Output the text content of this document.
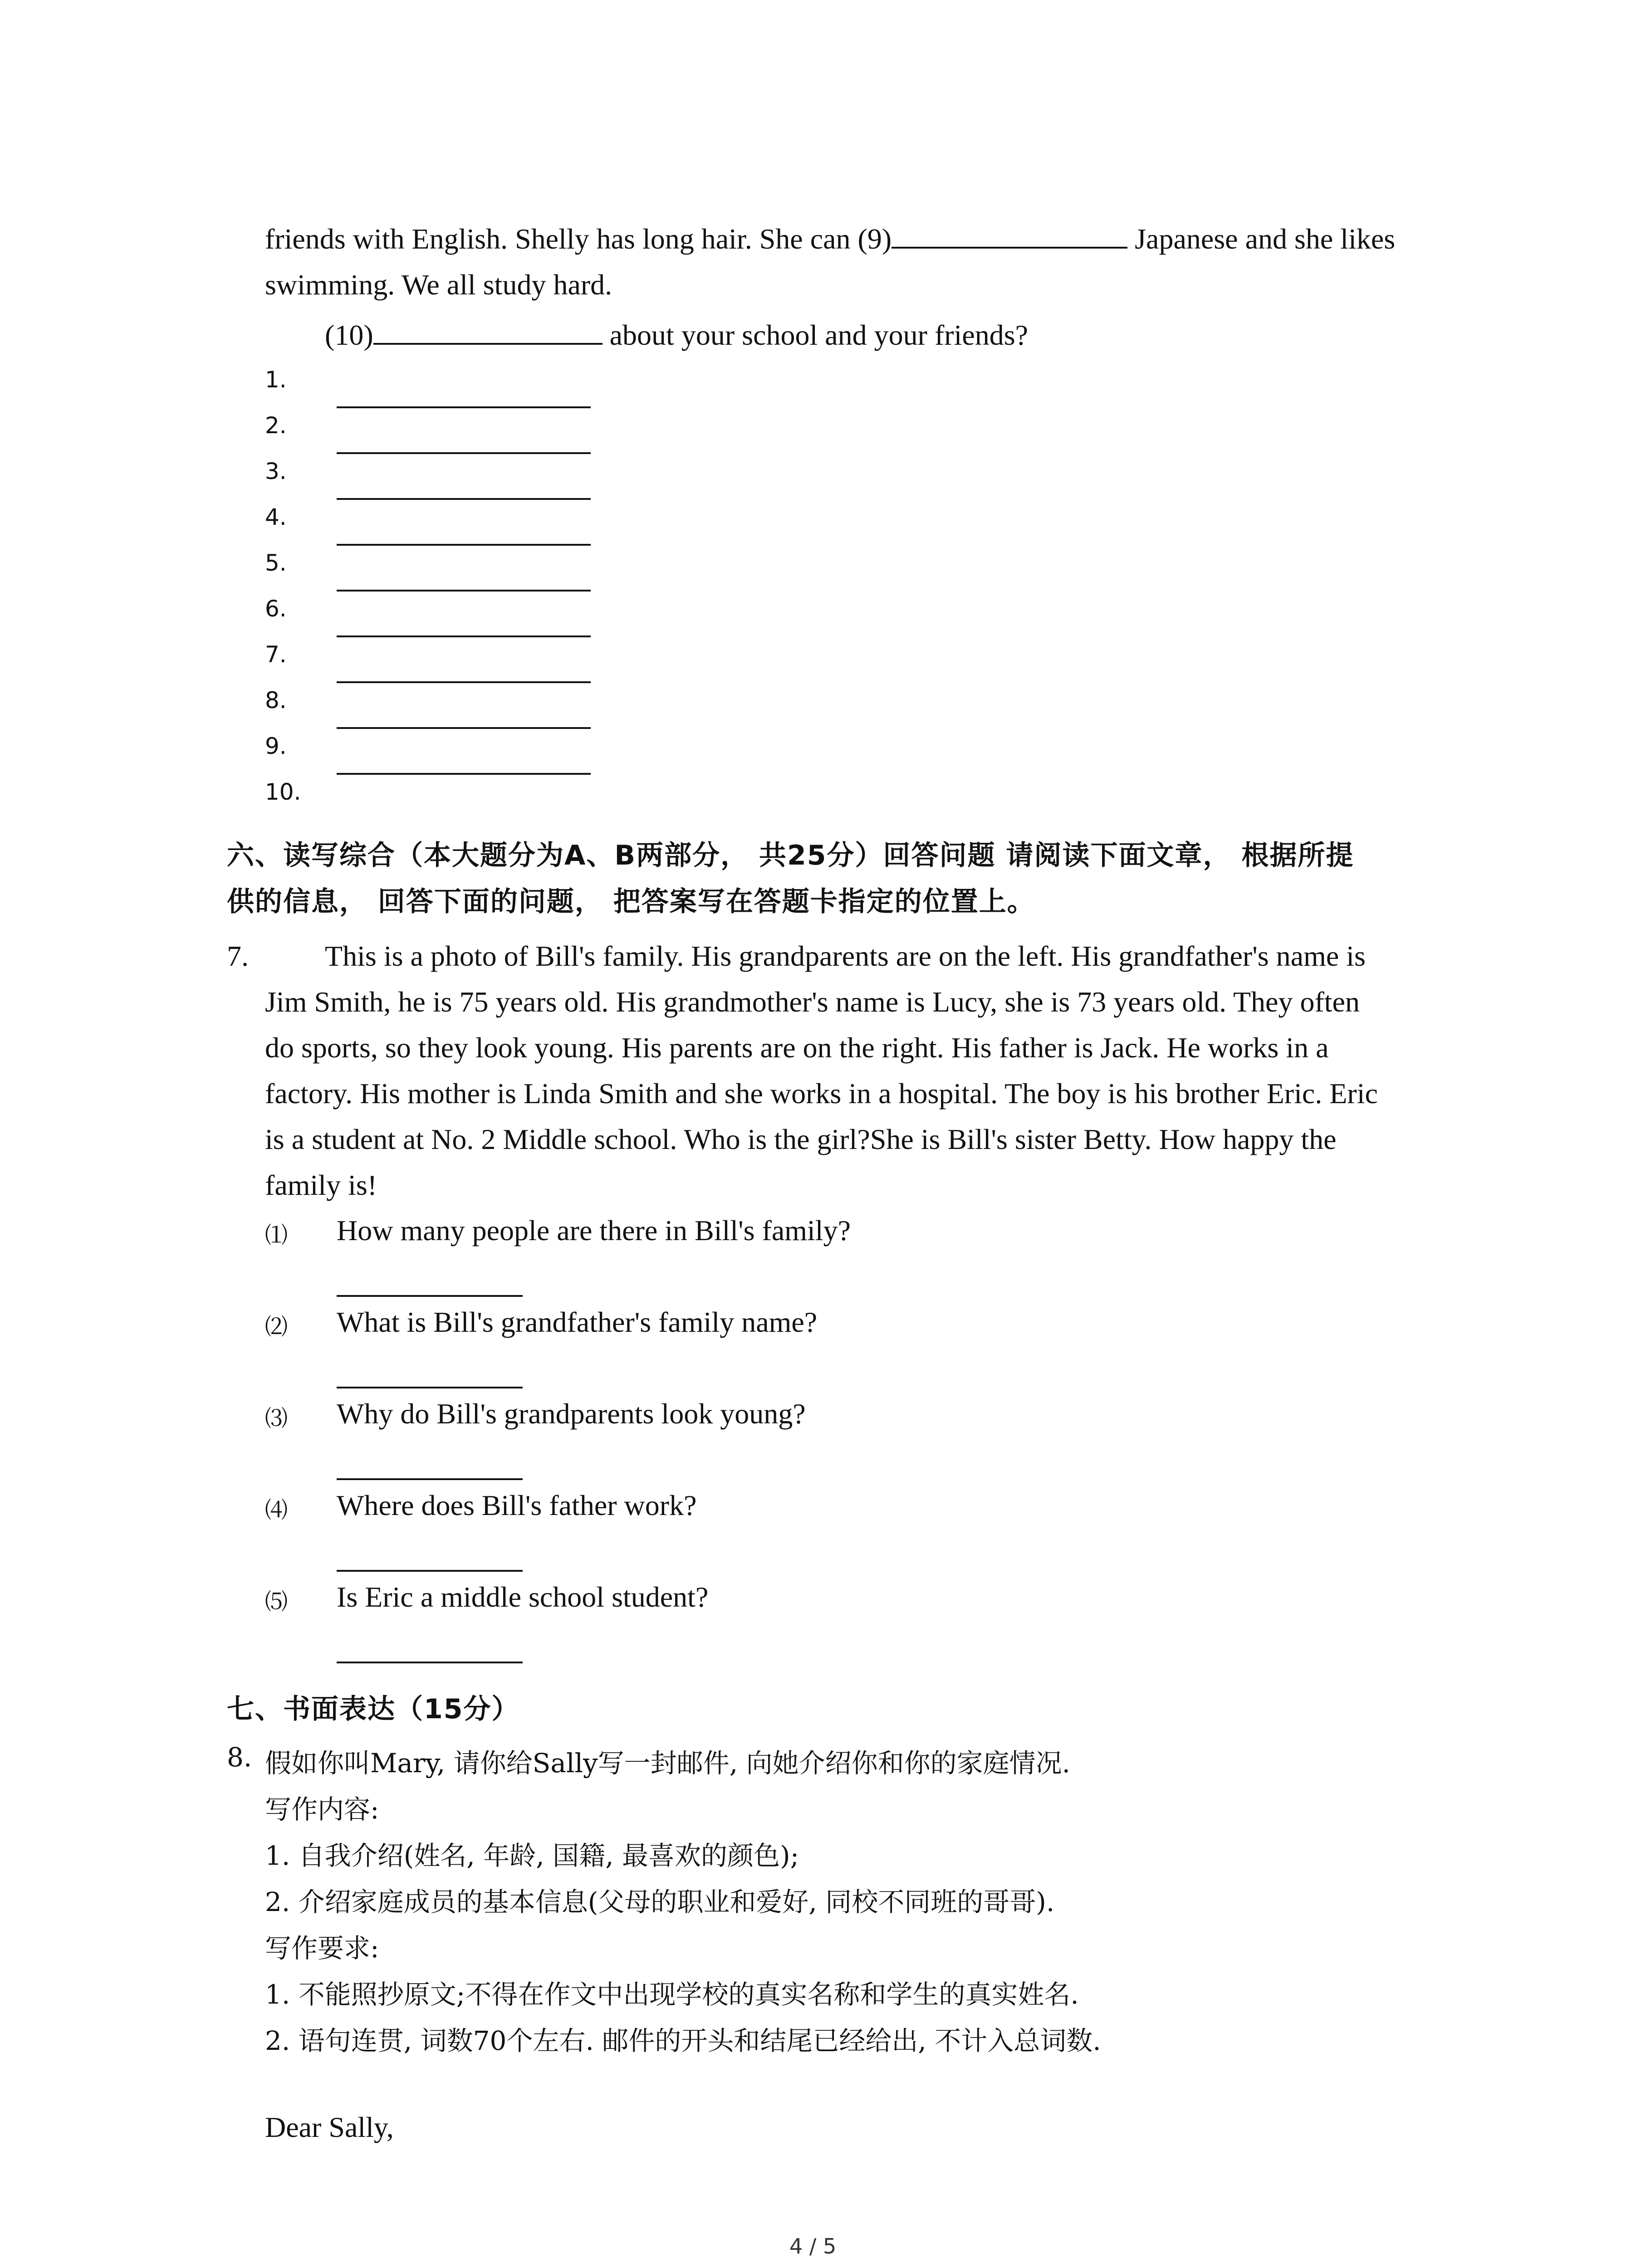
friends with English. Shelly has long hair. She can (9)	Japanese and she likes
swimming. We all study hard.
(10)	about your school and your friends?
1.
2.
3.
4.
5.
6.
7.
8.
9.
10.
六、读写综合（本大题分为A、B两部分， 共25分）回答问题 请阅读下面文章， 根据所提
供的信息， 回答下面的问题， 把答案写在答题卡指定的位置上。
7.	This is a photo of Bill's family. His grandparents are on the left. His grandfather's name is
Jim Smith, he is 75 years old. His grandmother's name is Lucy, she is 73 years old. They often
do sports, so they look young. His parents are on the right. His father is Jack. He works in a
factory. His mother is Linda Smith and she works in a hospital. The boy is his brother Eric. Eric
is a student at No. 2 Middle school. Who is the girl?She is Bill's sister Betty. How happy the
family is!
⑴ How many people are there in Bill's family?
⑵ What is Bill's grandfather's family name?
⑶ Why do Bill's grandparents look young?
⑷ Where does Bill's father work?
⑸ Is Eric a middle school student?
七、书面表达（15分）
8. 假如你叫Mary, 请你给Sally写一封邮件, 向她介绍你和你的家庭情况.
写作内容:
1. 自我介绍(姓名, 年龄, 国籍, 最喜欢的颜色);
2. 介绍家庭成员的基本信息(父母的职业和爱好, 同校不同班的哥哥).
写作要求:
1. 不能照抄原文;不得在作文中出现学校的真实名称和学生的真实姓名.
2. 语句连贯, 词数70个左右. 邮件的开头和结尾已经给出, 不计入总词数.
Dear Sally,
4 / 5
